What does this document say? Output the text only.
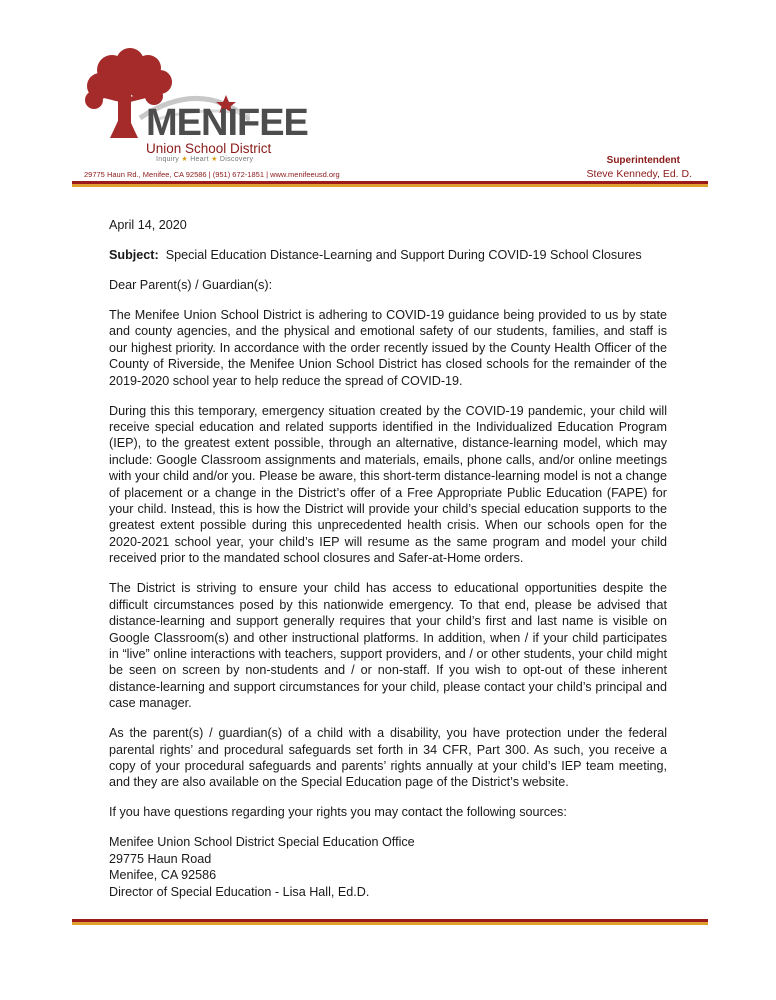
MENIFEE
Union School District
Inquiry ★ Heart ★ Discovery
29775 Haun Rd., Menifee, CA 92586 | (951) 672-1851 | www.menifeeusd.org
Superintendent
Steve Kennedy, Ed. D.

April 14, 2020

Subject: Special Education Distance-Learning and Support During COVID-19 School Closures

Dear Parent(s) / Guardian(s):

The Menifee Union School District is adhering to COVID-19 guidance being provided to us by state and county agencies, and the physical and emotional safety of our students, families, and staff is our highest priority. In accordance with the order recently issued by the County Health Officer of the County of Riverside, the Menifee Union School District has closed schools for the remainder of the 2019-2020 school year to help reduce the spread of COVID-19.

During this this temporary, emergency situation created by the COVID-19 pandemic, your child will receive special education and related supports identified in the Individualized Education Program (IEP), to the greatest extent possible, through an alternative, distance-learning model, which may include: Google Classroom assignments and materials, emails, phone calls, and/or online meetings with your child and/or you. Please be aware, this short-term distance-learning model is not a change of placement or a change in the District’s offer of a Free Appropriate Public Education (FAPE) for your child. Instead, this is how the District will provide your child’s special education supports to the greatest extent possible during this unprecedented health crisis. When our schools open for the 2020-2021 school year, your child’s IEP will resume as the same program and model your child received prior to the mandated school closures and Safer-at-Home orders.

The District is striving to ensure your child has access to educational opportunities despite the difficult circumstances posed by this nationwide emergency. To that end, please be advised that distance-learning and support generally requires that your child’s first and last name is visible on Google Classroom(s) and other instructional platforms. In addition, when / if your child participates in “live” online interactions with teachers, support providers, and / or other students, your child might be seen on screen by non-students and / or non-staff. If you wish to opt-out of these inherent distance-learning and support circumstances for your child, please contact your child’s principal and case manager.

As the parent(s) / guardian(s) of a child with a disability, you have protection under the federal parental rights’ and procedural safeguards set forth in 34 CFR, Part 300. As such, you receive a copy of your procedural safeguards and parents’ rights annually at your child’s IEP team meeting, and they are also available on the Special Education page of the District’s website.

If you have questions regarding your rights you may contact the following sources:

Menifee Union School District Special Education Office

29775 Haun Road

Menifee, CA 92586

Director of Special Education - Lisa Hall, Ed.D.
